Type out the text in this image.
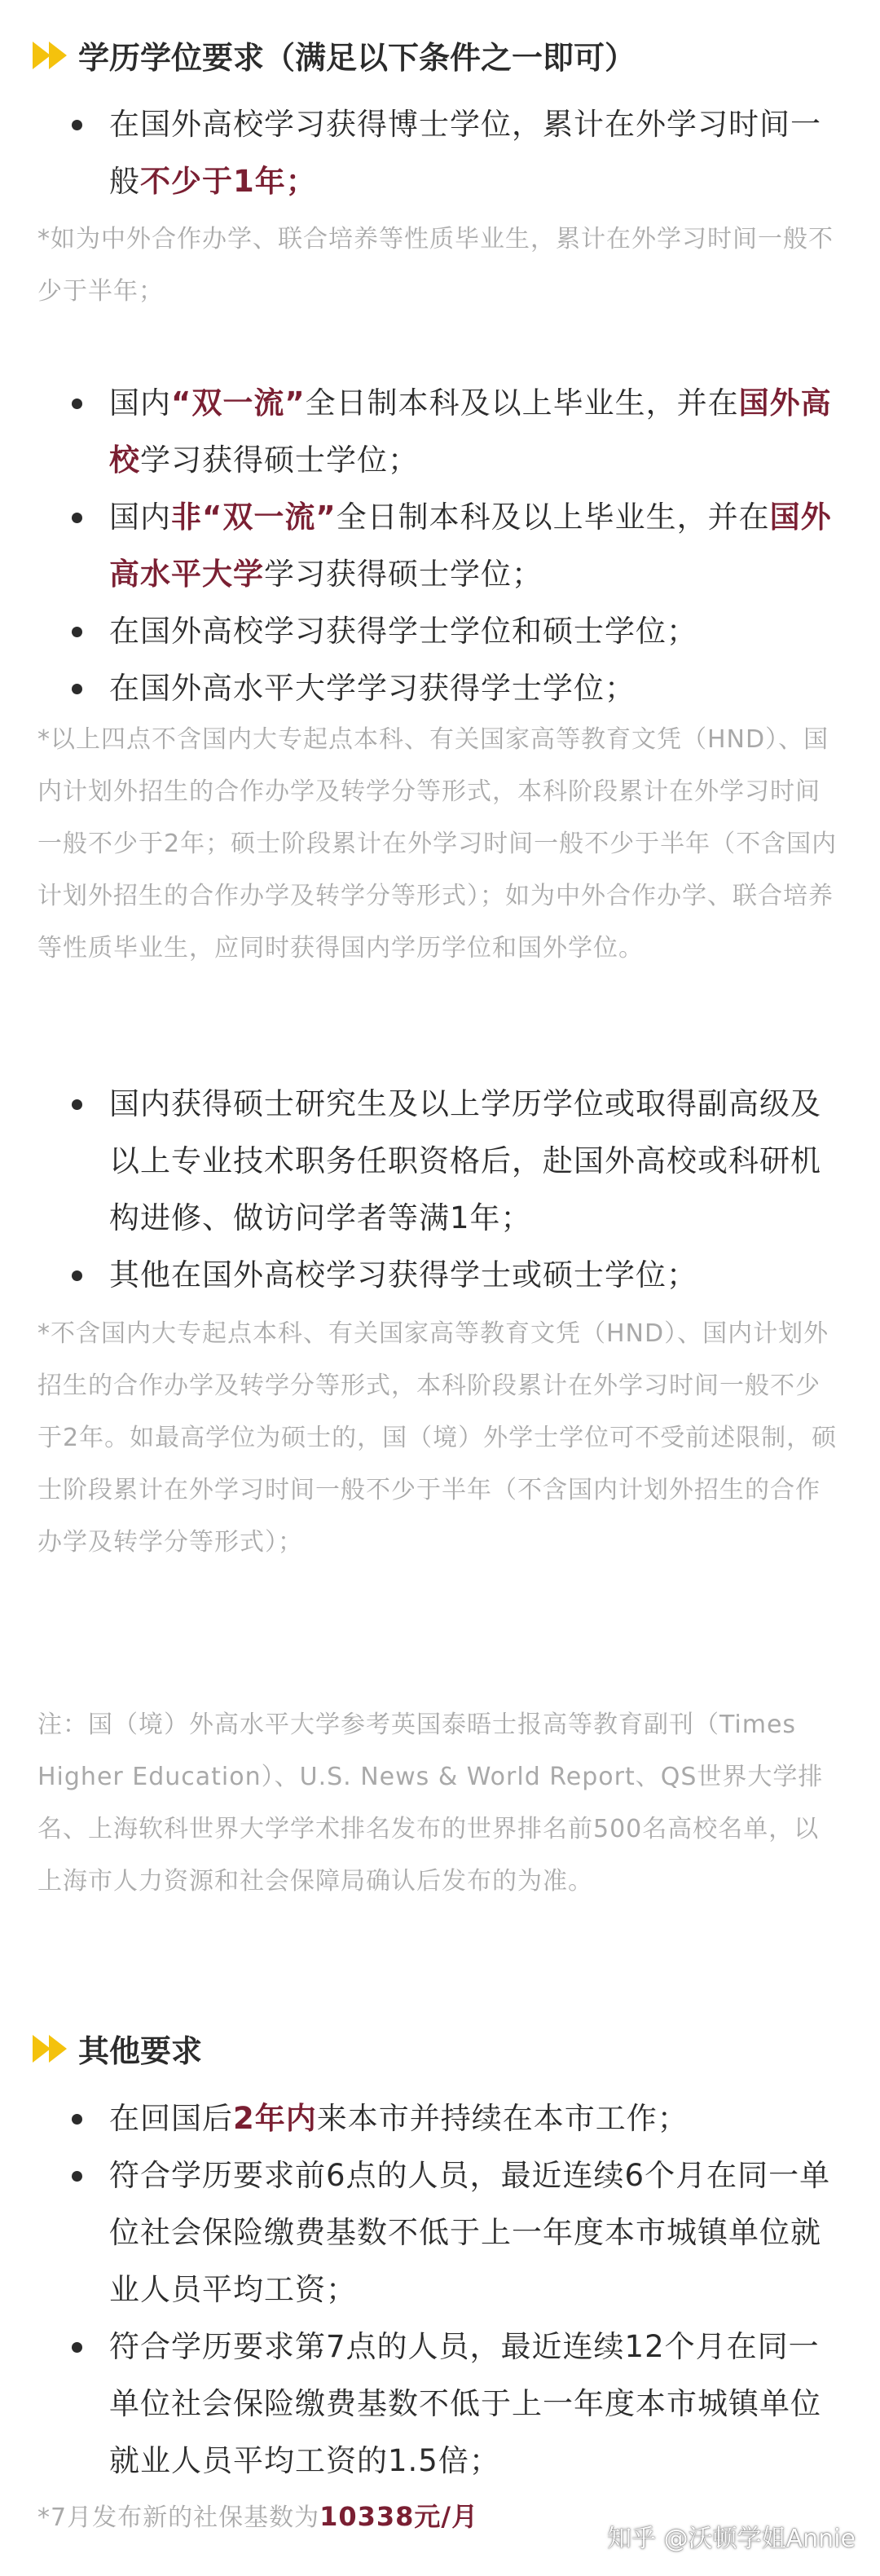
学历学位要求（满足以下条件之一即可）
在国外高校学习获得博士学位，累计在外学习时间一般不少于1年；
*如为中外合作办学、联合培养等性质毕业生，累计在外学习时间一般不少于半年；
国内“双一流”全日制本科及以上毕业生，并在国外高校学习获得硕士学位；
国内非“双一流”全日制本科及以上毕业生，并在国外高水平大学学习获得硕士学位；
在国外高校学习获得学士学位和硕士学位；
在国外高水平大学学习获得学士学位；
*以上四点不含国内大专起点本科、有关国家高等教育文凭（HND）、国内计划外招生的合作办学及转学分等形式，本科阶段累计在外学习时间一般不少于2年；硕士阶段累计在外学习时间一般不少于半年（不含国内计划外招生的合作办学及转学分等形式）；如为中外合作办学、联合培养等性质毕业生，应同时获得国内学历学位和国外学位。
国内获得硕士研究生及以上学历学位或取得副高级及以上专业技术职务任职资格后，赴国外高校或科研机构进修、做访问学者等满1年；
其他在国外高校学习获得学士或硕士学位；
*不含国内大专起点本科、有关国家高等教育文凭（HND）、国内计划外招生的合作办学及转学分等形式，本科阶段累计在外学习时间一般不少于2年。如最高学位为硕士的，国（境）外学士学位可不受前述限制，硕士阶段累计在外学习时间一般不少于半年（不含国内计划外招生的合作办学及转学分等形式）；
注：国（境）外高水平大学参考英国泰晤士报高等教育副刊（Times Higher Education）、U.S. News & World Report、QS世界大学排名、上海软科世界大学学术排名发布的世界排名前500名高校名单，以上海市人力资源和社会保障局确认后发布的为准。
其他要求
在回国后2年内来本市并持续在本市工作；
符合学历要求前6点的人员，最近连续6个月在同一单位社会保险缴费基数不低于上一年度本市城镇单位就业人员平均工资；
符合学历要求第7点的人员，最近连续12个月在同一单位社会保险缴费基数不低于上一年度本市城镇单位就业人员平均工资的1.5倍；
*7月发布新的社保基数为10338元/月
知乎 @沃顿学姐Annie
